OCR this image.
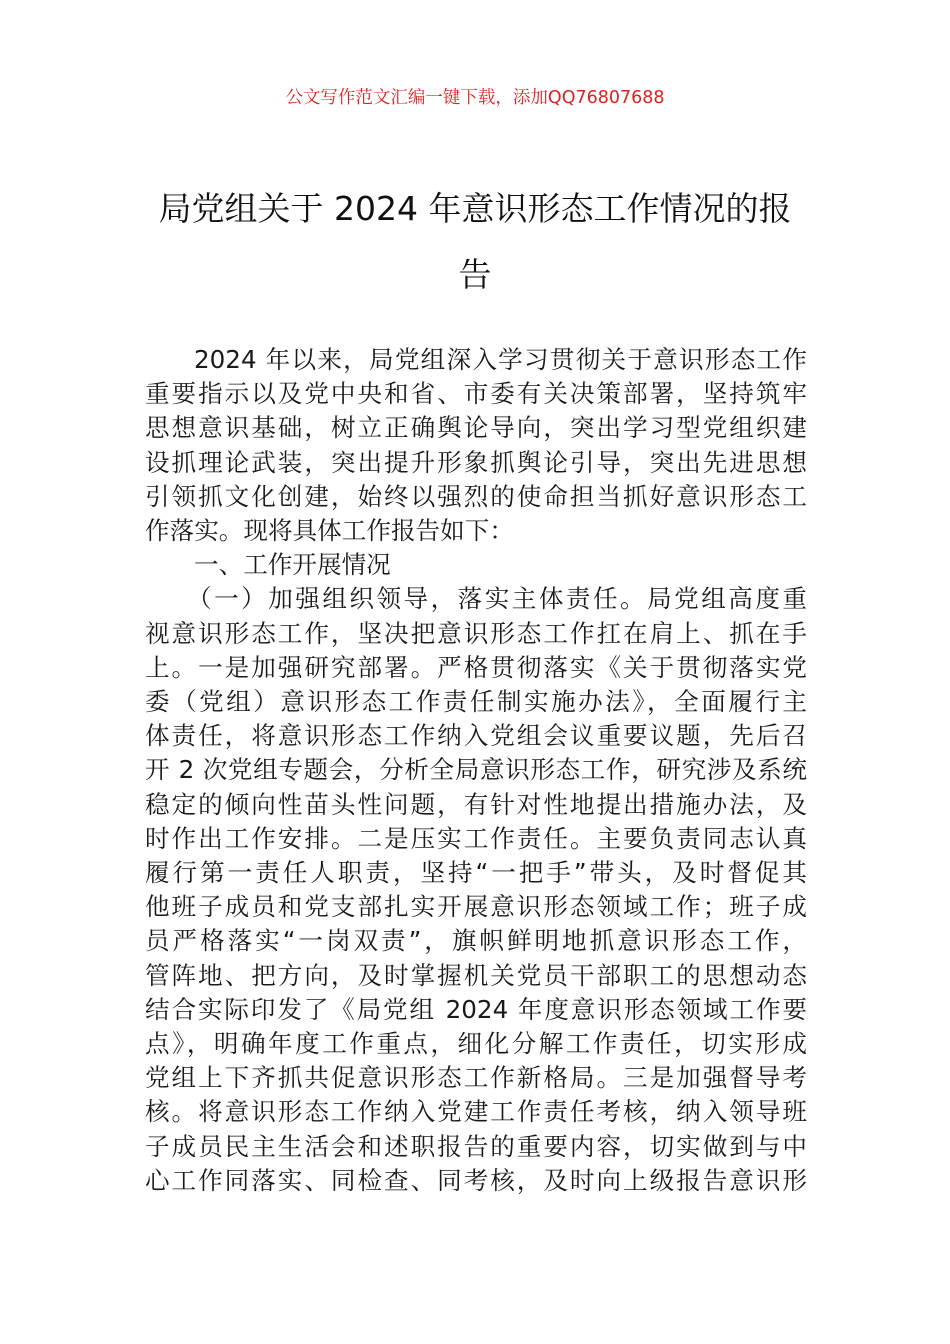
公文写作范文汇编一键下载，添加QQ76807688
局党组关于 2024 年意识形态工作情况的报
告
2024 年以来，局党组深入学习贯彻关于意识形态工作
重要指示以及党中央和省、市委有关决策部署，坚持筑牢
思想意识基础，树立正确舆论导向，突出学习型党组织建
设抓理论武装，突出提升形象抓舆论引导，突出先进思想
引领抓文化创建，始终以强烈的使命担当抓好意识形态工
作落实。现将具体工作报告如下：
一、工作开展情况
（一）加强组织领导，落实主体责任。局党组高度重
视意识形态工作，坚决把意识形态工作扛在肩上、抓在手
上。一是加强研究部署。严格贯彻落实《关于贯彻落实党
委（党组）意识形态工作责任制实施办法》，全面履行主
体责任，将意识形态工作纳入党组会议重要议题，先后召
开 2 次党组专题会，分析全局意识形态工作，研究涉及系统
稳定的倾向性苗头性问题，有针对性地提出措施办法，及
时作出工作安排。二是压实工作责任。主要负责同志认真
履行第一责任人职责，坚持“一把手”带头，及时督促其
他班子成员和党支部扎实开展意识形态领域工作；班子成
员严格落实“一岗双责”，旗帜鲜明地抓意识形态工作，
管阵地、把方向，及时掌握机关党员干部职工的思想动态
结合实际印发了《局党组 2024 年度意识形态领域工作要
点》，明确年度工作重点，细化分解工作责任，切实形成
党组上下齐抓共促意识形态工作新格局。三是加强督导考
核。将意识形态工作纳入党建工作责任考核，纳入领导班
子成员民主生活会和述职报告的重要内容，切实做到与中
心工作同落实、同检查、同考核，及时向上级报告意识形
